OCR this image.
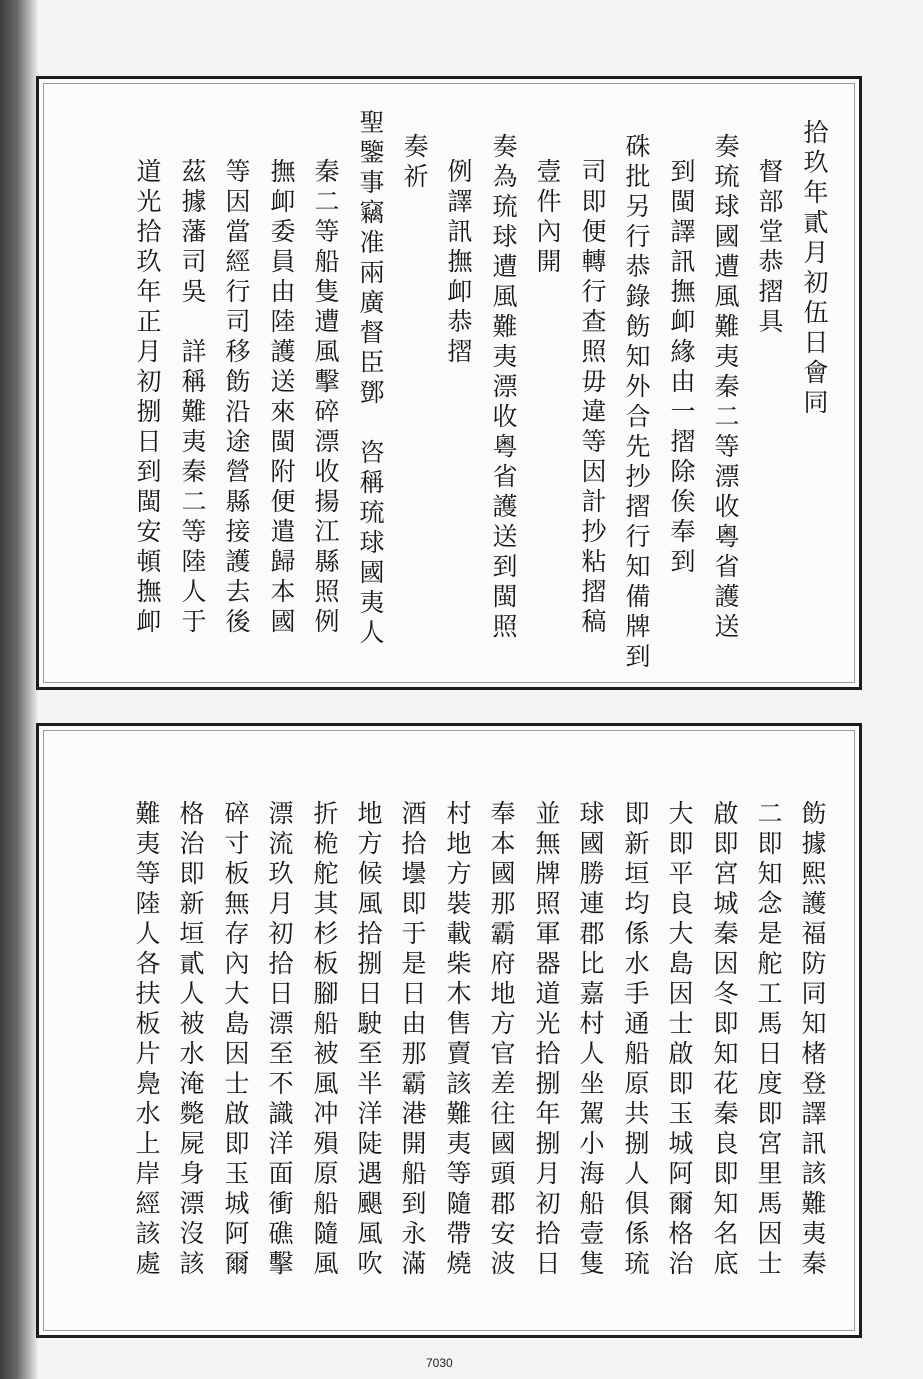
拾玖年貳月初伍日會同
督部堂恭摺具
奏琉球國遭風難夷秦二等漂收粵省護送
到閩譯訊撫卹緣由一摺除俟奉到
硃批另行恭錄飭知外合先抄摺行知備牌到
司即便轉行查照毋違等因計抄粘摺稿
壹件內開
奏為琉球遭風難夷漂收粵省護送到閩照
例譯訊撫卹恭摺
奏祈
聖鑒事竊准兩廣督臣鄧　咨稱琉球國夷人
秦二等船隻遭風擊碎漂收揚江縣照例
撫卹委員由陸護送來閩附便遣歸本國
等因當經行司移飭沿途營縣接護去後
茲據藩司吳　詳稱難夷秦二等陸人于
道光拾玖年正月初捌日到閩安頓撫卹
飭據熙護福防同知楮登譯訊該難夷秦
二即知念是舵工馬日度即宮里馬因士
啟即宮城秦因冬即知花秦良即知名底
大即平良大島因士啟即玉城阿爾格治
即新垣均係水手通船原共捌人俱係琉
球國勝連郡比嘉村人坐駕小海船壹隻
並無牌照軍器道光拾捌年捌月初拾日
奉本國那霸府地方官差往國頭郡安波
村地方裝載柴木售賣該難夷等隨帶燒
酒拾壜即于是日由那霸港開船到永滿
地方候風拾捌日駛至半洋陡遇颶風吹
折桅舵其杉板腳船被風冲殞原船隨風
漂流玖月初拾日漂至不識洋面衝礁擊
碎寸板無存內大島因士啟即玉城阿爾
格治即新垣貳人被水淹斃屍身漂沒該
難夷等陸人各扶板片鳧水上岸經該處
7030
